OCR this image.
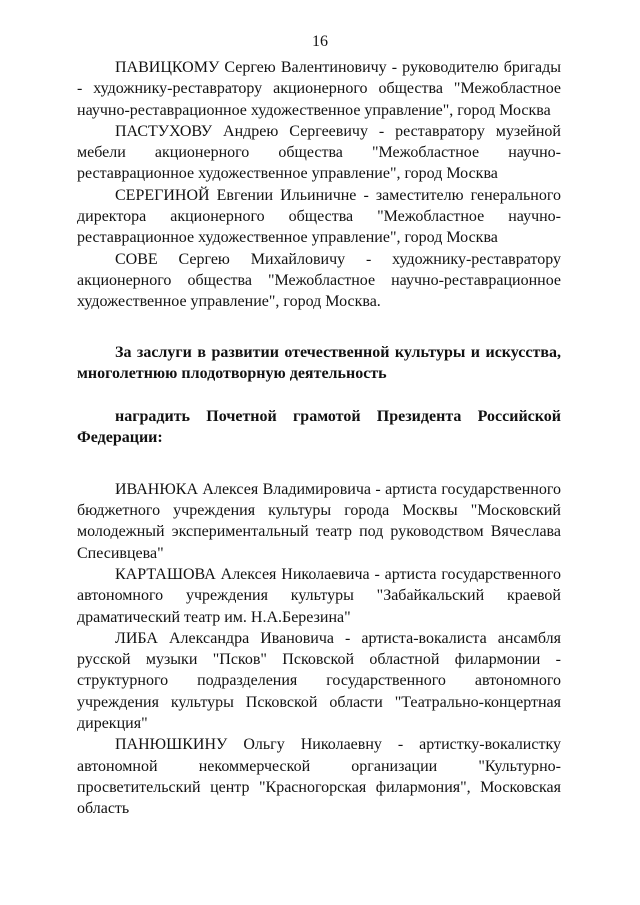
16

ПАВИЦКОМУ Сергею Валентиновичу - руководителю бригады - художнику-реставратору акционерного общества "Межобластное научно-реставрационное художественное управление", город Москва

ПАСТУХОВУ Андрею Сергеевичу - реставратору музейной мебели акционерного общества "Межобластное научно-реставрационное художественное управление", город Москва

СЕРЕГИНОЙ Евгении Ильиничне - заместителю генерального директора акционерного общества "Межобластное научно-реставрационное художественное управление", город Москва

СОВЕ Сергею Михайловичу - художнику-реставратору акционерного общества "Межобластное научно-реставрационное художественное управление", город Москва.

За заслуги в развитии отечественной культуры и искусства, многолетнюю плодотворную деятельность

наградить Почетной грамотой Президента Российской Федерации:

ИВАНЮКА Алексея Владимировича - артиста государственного бюджетного учреждения культуры города Москвы "Московский молодежный экспериментальный театр под руководством Вячеслава Спесивцева"

КАРТАШОВА Алексея Николаевича - артиста государственного автономного учреждения культуры "Забайкальский краевой драматический театр им. Н.А.Березина"

ЛИБА Александра Ивановича - артиста-вокалиста ансамбля русской музыки "Псков" Псковской областной филармонии - структурного подразделения государственного автономного учреждения культуры Псковской области "Театрально-концертная дирекция"

ПАНЮШКИНУ Ольгу Николаевну - артистку-вокалистку автономной некоммерческой организации "Культурно-просветительский центр "Красногорская филармония", Московская область
